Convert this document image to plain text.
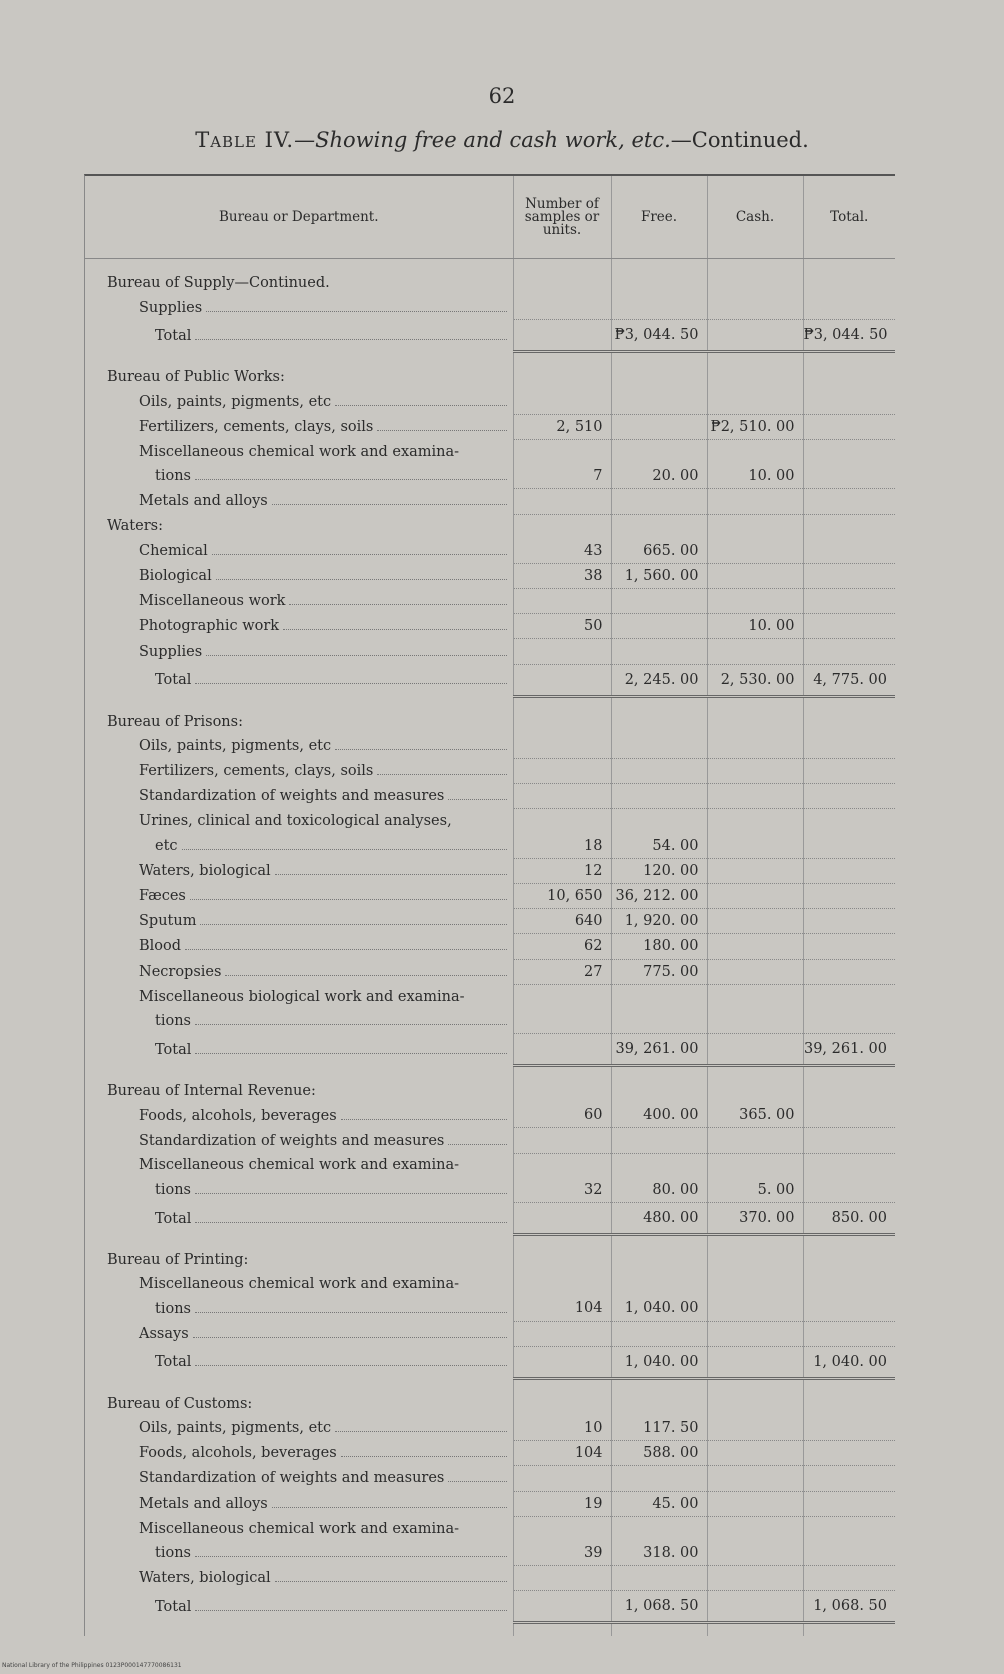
62
Table IV.—Showing free and cash work, etc.—Continued.
Bureau or Department.	Number of samples or units.	Free.	Cash.	Total.

Bureau of Supply—Continued.				

Supplies				

Total		₱3, 044. 50		₱3, 044. 50

Bureau of Public Works:				

Oils, paints, pigments, etc				

Fertilizers, cements, clays, soils	2, 510		₱2, 510. 00	

Miscellaneous chemical work and examina-				

tions	7	20. 00	10. 00	

Metals and alloys				

Waters:				

Chemical	43	665. 00		

Biological	38	1, 560. 00		

Miscellaneous work				

Photographic work	50		10. 00	

Supplies				

Total		2, 245. 00	2, 530. 00	4, 775. 00

Bureau of Prisons:				

Oils, paints, pigments, etc				

Fertilizers, cements, clays, soils				

Standardization of weights and measures				

Urines, clinical and toxicological analyses,				

etc	18	54. 00		

Waters, biological	12	120. 00		

Fæces	10, 650	36, 212. 00		

Sputum	640	1, 920. 00		

Blood	62	180. 00		

Necropsies	27	775. 00		

Miscellaneous biological work and examina-				

tions				

Total		39, 261. 00		39, 261. 00

Bureau of Internal Revenue:				

Foods, alcohols, beverages	60	400. 00	365. 00	

Standardization of weights and measures				

Miscellaneous chemical work and examina-				

tions	32	80. 00	5. 00	

Total		480. 00	370. 00	850. 00

Bureau of Printing:				

Miscellaneous chemical work and examina-				

tions	104	1, 040. 00		

Assays				

Total		1, 040. 00		1, 040. 00

Bureau of Customs:				

Oils, paints, pigments, etc	10	117. 50		

Foods, alcohols, beverages	104	588. 00		

Standardization of weights and measures				

Metals and alloys	19	45. 00		

Miscellaneous chemical work and examina-				

tions	39	318. 00		

Waters, biological				

Total		1, 068. 50		1, 068. 50

National Library of the Philippines 0123P000147770086131
